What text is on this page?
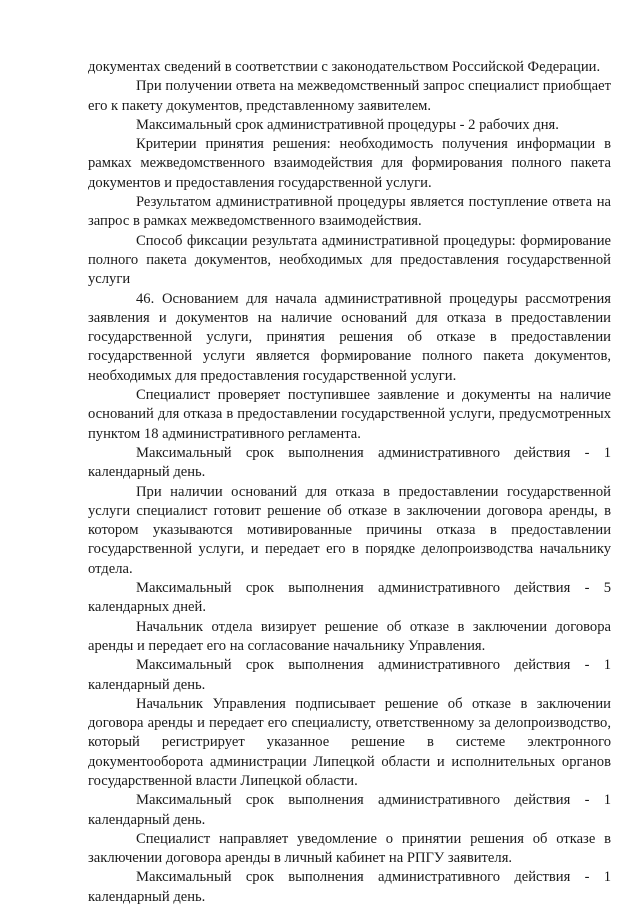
документах сведений в соответствии с законодательством Российской Федерации.

При получении ответа на межведомственный запрос специалист приобщает его к пакету документов, представленному заявителем.

Максимальный срок административной процедуры - 2 рабочих дня.

Критерии принятия решения: необходимость получения информации в рамках межведомственного взаимодействия для формирования полного пакета документов и предоставления государственной услуги.

Результатом административной процедуры является поступление ответа на запрос в рамках межведомственного взаимодействия.

Способ фиксации результата административной процедуры: формирование полного пакета документов, необходимых для предоставления государственной услуги

46. Основанием для начала административной процедуры рассмотрения заявления и документов на наличие оснований для отказа в предоставлении государственной услуги, принятия решения об отказе в предоставлении государственной услуги является формирование полного пакета документов, необходимых для предоставления государственной услуги.

Специалист проверяет поступившее заявление и документы на наличие оснований для отказа в предоставлении государственной услуги, предусмотренных пунктом 18 административного регламента.

Максимальный срок выполнения административного действия - 1 календарный день.

При наличии оснований для отказа в предоставлении государственной услуги специалист готовит решение об отказе в заключении договора аренды, в котором указываются мотивированные причины отказа в предоставлении государственной услуги, и передает его в порядке делопроизводства начальнику отдела.

Максимальный срок выполнения административного действия - 5 календарных дней.

Начальник отдела визирует решение об отказе в заключении договора аренды и передает его на согласование начальнику Управления.

Максимальный срок выполнения административного действия - 1 календарный день.

Начальник Управления подписывает решение об отказе в заключении договора аренды и передает его специалисту, ответственному за делопроизводство, который регистрирует указанное решение в системе электронного документооборота администрации Липецкой области и исполнительных органов государственной власти Липецкой области.

Максимальный срок выполнения административного действия - 1 календарный день.

Специалист направляет уведомление о принятии решения об отказе в заключении договора аренды в личный кабинет на РПГУ заявителя.

Максимальный срок выполнения административного действия - 1 календарный день.
